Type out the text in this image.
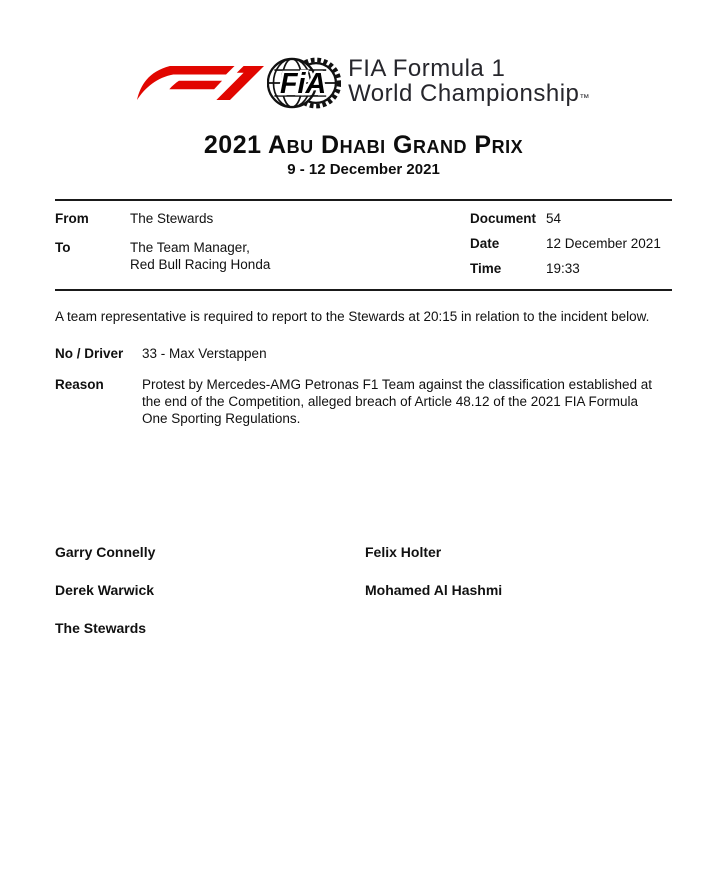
FiA
FIA Formula 1
World Championship™
2021 Abu Dhabi Grand Prix
9 - 12 December 2021
From	The Stewards
To	The Team Manager,
Red Bull Racing Honda
Document 54
Date	12 December 2021
Time	19:33
A team representative is required to report to the Stewards at 20:15 in relation to the incident below.
No / Driver	33 - Max Verstappen
Reason	Protest by Mercedes-AMG Petronas F1 Team against the classification established at the end of the Competition, alleged breach of Article 48.12 of the 2021 FIA Formula One Sporting Regulations.
Garry Connelly	Felix Holter
Derek Warwick	Mohamed Al Hashmi
The Stewards
